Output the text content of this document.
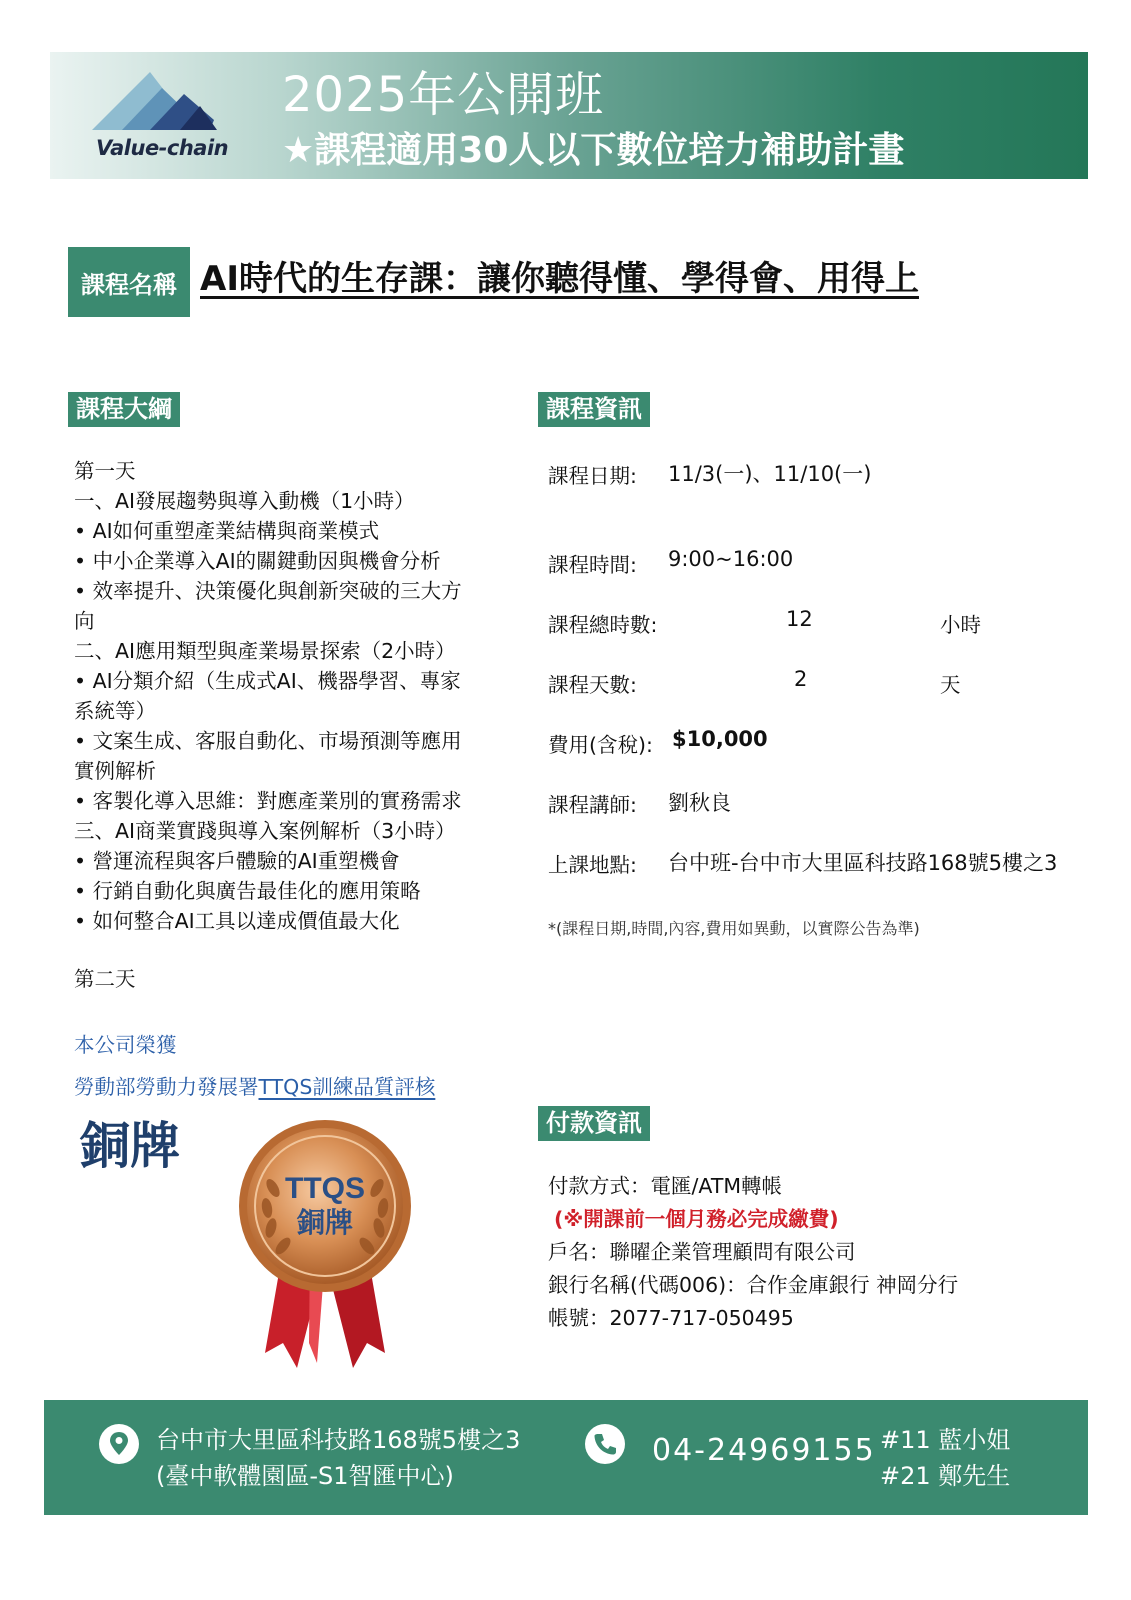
Value-chain
2025年公開班
★課程適用30人以下數位培力補助計畫
課程名稱 AI時代的生存課：讓你聽得懂、學得會、用得上
課程大綱
第一天
一、AI發展趨勢與導入動機（1小時）
• AI如何重塑產業結構與商業模式
• 中小企業導入AI的關鍵動因與機會分析
• 效率提升、決策優化與創新突破的三大方
向
二、AI應用類型與產業場景探索（2小時）
• AI分類介紹（生成式AI、機器學習、專家
系統等）
• 文案生成、客服自動化、市場預測等應用
實例解析
• 客製化導入思維：對應產業別的實務需求
三、AI商業實踐與導入案例解析（3小時）
• 營運流程與客戶體驗的AI重塑機會
• 行銷自動化與廣告最佳化的應用策略
• 如何整合AI工具以達成價值最大化
第二天
課程資訊
課程日期: 11/3(一)、11/10(一)
課程時間: 9:00~16:00
課程總時數:	12	小時
課程天數:	2	天
費用(含稅): $10,000
課程講師: 劉秋良
上課地點: 台中班-台中市大里區科技路168號5樓之3
*(課程日期,時間,內容,費用如異動，以實際公告為準)
本公司榮獲
勞動部勞動力發展署TTQS訓練品質評核
銅牌
TTQS
銅牌
付款資訊
付款方式：電匯/ATM轉帳
(※開課前一個月務必完成繳費)
戶名：聯曜企業管理顧問有限公司
銀行名稱(代碼006)：合作金庫銀行 神岡分行
帳號：2077-717-050495
台中市大里區科技路168號5樓之3
(臺中軟體園區-S1智匯中心)
04-24969155 #11 藍小姐
#21 鄭先生
